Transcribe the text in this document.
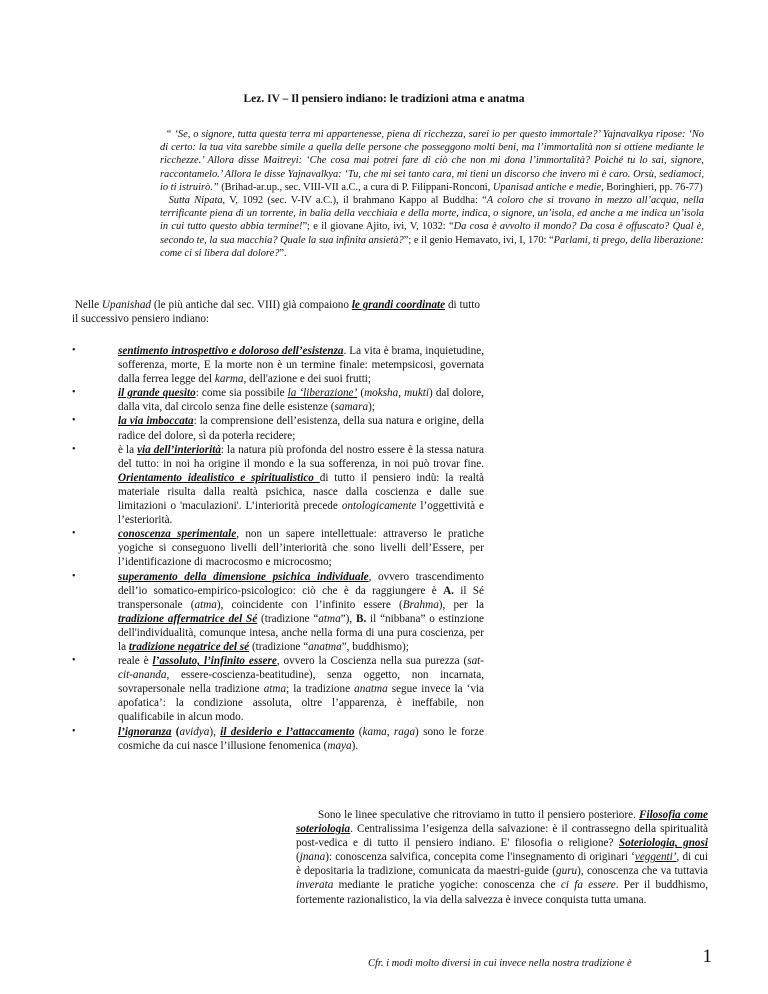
Lez. IV – Il pensiero indiano: le tradizioni atma e anatma

“ ‘Se, o signore, tutta questa terra mi appartenesse, piena di ricchezza, sarei io per questo immortale?’ Yajnavalkya ripose: ‘No di certo: la tua vita sarebbe simile a quella delle persone che posseggono molti beni, ma l’immortalità non si ottiene mediante le ricchezze.’ Allora disse Maitreyi: ‘Che cosa mai potrei fare di ciò che non mi dona l’immortalità? Poiché tu lo sai, signore, raccontamelo.’ Allora le disse Yajnavalkya: ‘Tu, che mi sei tanto cara, mi tieni un discorso che invero mi è caro. Orsù, sediamoci, io ti istruirò.” (Brihad-ar.up., sec. VIII-VII a.C., a cura di P. Filippani-Ronconi, Upanisad antiche e medie, Boringhieri, pp. 76-77)

Sutta Nipata, V, 1092 (sec. V-IV a.C.), il brahmano Kappo al Buddha: “A coloro che si trovano in mezzo all’acqua, nella terrificante piena di un torrente, in balia della vecchiaia e della morte, indica, o signore, un’isola, ed anche a me indica un’isola in cui tutto questo abbia termine!”; e il giovane Ajito, ivi, V, 1032: “Da cosa è avvolto il mondo? Da cosa è offuscato? Qual è, secondo te, la sua macchia? Quale la sua infinita ansietà?”; e il genio Hemavato, ivi, I, 170: “Parlami, ti prego, della liberazione: come ci si libera dal dolore?”.

Nelle Upanishad (le più antiche dal sec. VIII) già compaiono le grandi coordinate di tutto il successivo pensiero indiano:
•	sentimento introspettivo e doloroso dell’esistenza. La vita è brama, inquietudine, sofferenza, morte, E la morte non è un termine finale: metempsicosi, governata dalla ferrea legge del karma, dell'azione e dei suoi frutti;
•	il grande quesito: come sia possibile la ‘liberazione’ (moksha, mukti) dal dolore, dalla vita, dal circolo senza fine delle esistenze (samara);
•	la via imboccata: la comprensione dell’esistenza, della sua natura e origine, della radice del dolore, sì da poterla recidere;
•	è la via dell’interiorità: la natura più profonda del nostro essere è la stessa natura del tutto: in noi ha origine il mondo e la sua sofferenza, in noi può trovar fine. Orientamento idealistico e spiritualistico di tutto il pensiero indù: la realtà materiale risulta dalla realtà psichica, nasce dalla coscienza e dalle sue limitazioni o 'maculazioni'. L’interiorità precede ontologicamente l’oggettività e l’esteriorità.
•	conoscenza sperimentale, non un sapere intellettuale: attraverso le pratiche yogiche si conseguono livelli dell’interiorità che sono livelli dell’Essere, per l’identificazione di macrocosmo e microcosmo;
•	superamento della dimensione psichica individuale, ovvero trascendimento dell’io somatico-empirico-psicologico: ciò che è da raggiungere è A. il Sé transpersonale (atma), coincidente con l’infinito essere (Brahma), per la tradizione affermatrice del Sé (tradizione “atma”), B. il “nibbana” o estinzione dell'individualità, comunque intesa, anche nella forma di una pura coscienza, per la tradizione negatrice del sé (tradizione “anatma”, buddhismo);
•	reale è l’assoluto, l’infinito essere, ovvero la Coscienza nella sua purezza (sat-cit-ananda, essere-coscienza-beatitudine), senza oggetto, non incarnata, sovrapersonale nella tradizione atma; la tradizione anatma segue invece la ‘via apofatica’: la condizione assoluta, oltre l’apparenza, è ineffabile, non qualificabile in alcun modo.
•	l’ignoranza (avidya), il desiderio e l’attaccamento (kama, raga) sono le forze cosmiche da cui nasce l’illusione fenomenica (maya).
Sono le linee speculative che ritroviamo in tutto il pensiero posteriore. Filosofia come soteriologia. Centralissima l’esigenza della salvazione: è il contrassegno della spiritualità post-vedica e di tutto il pensiero indiano. E' filosofia o religione? Soteriologia, gnosi (jnana): conoscenza salvifica, concepita come l'insegnamento di originari ‘veggenti’, di cui è depositaria la tradizione, comunicata da maestri-guide (guru), conoscenza che va tuttavia inverata mediante le pratiche yogiche: conoscenza che ci fa essere. Per il buddhismo, fortemente razionalistico, la via della salvezza è invece conquista tutta umana.
Cfr. i modi molto diversi in cui invece nella nostra tradizione è	1
